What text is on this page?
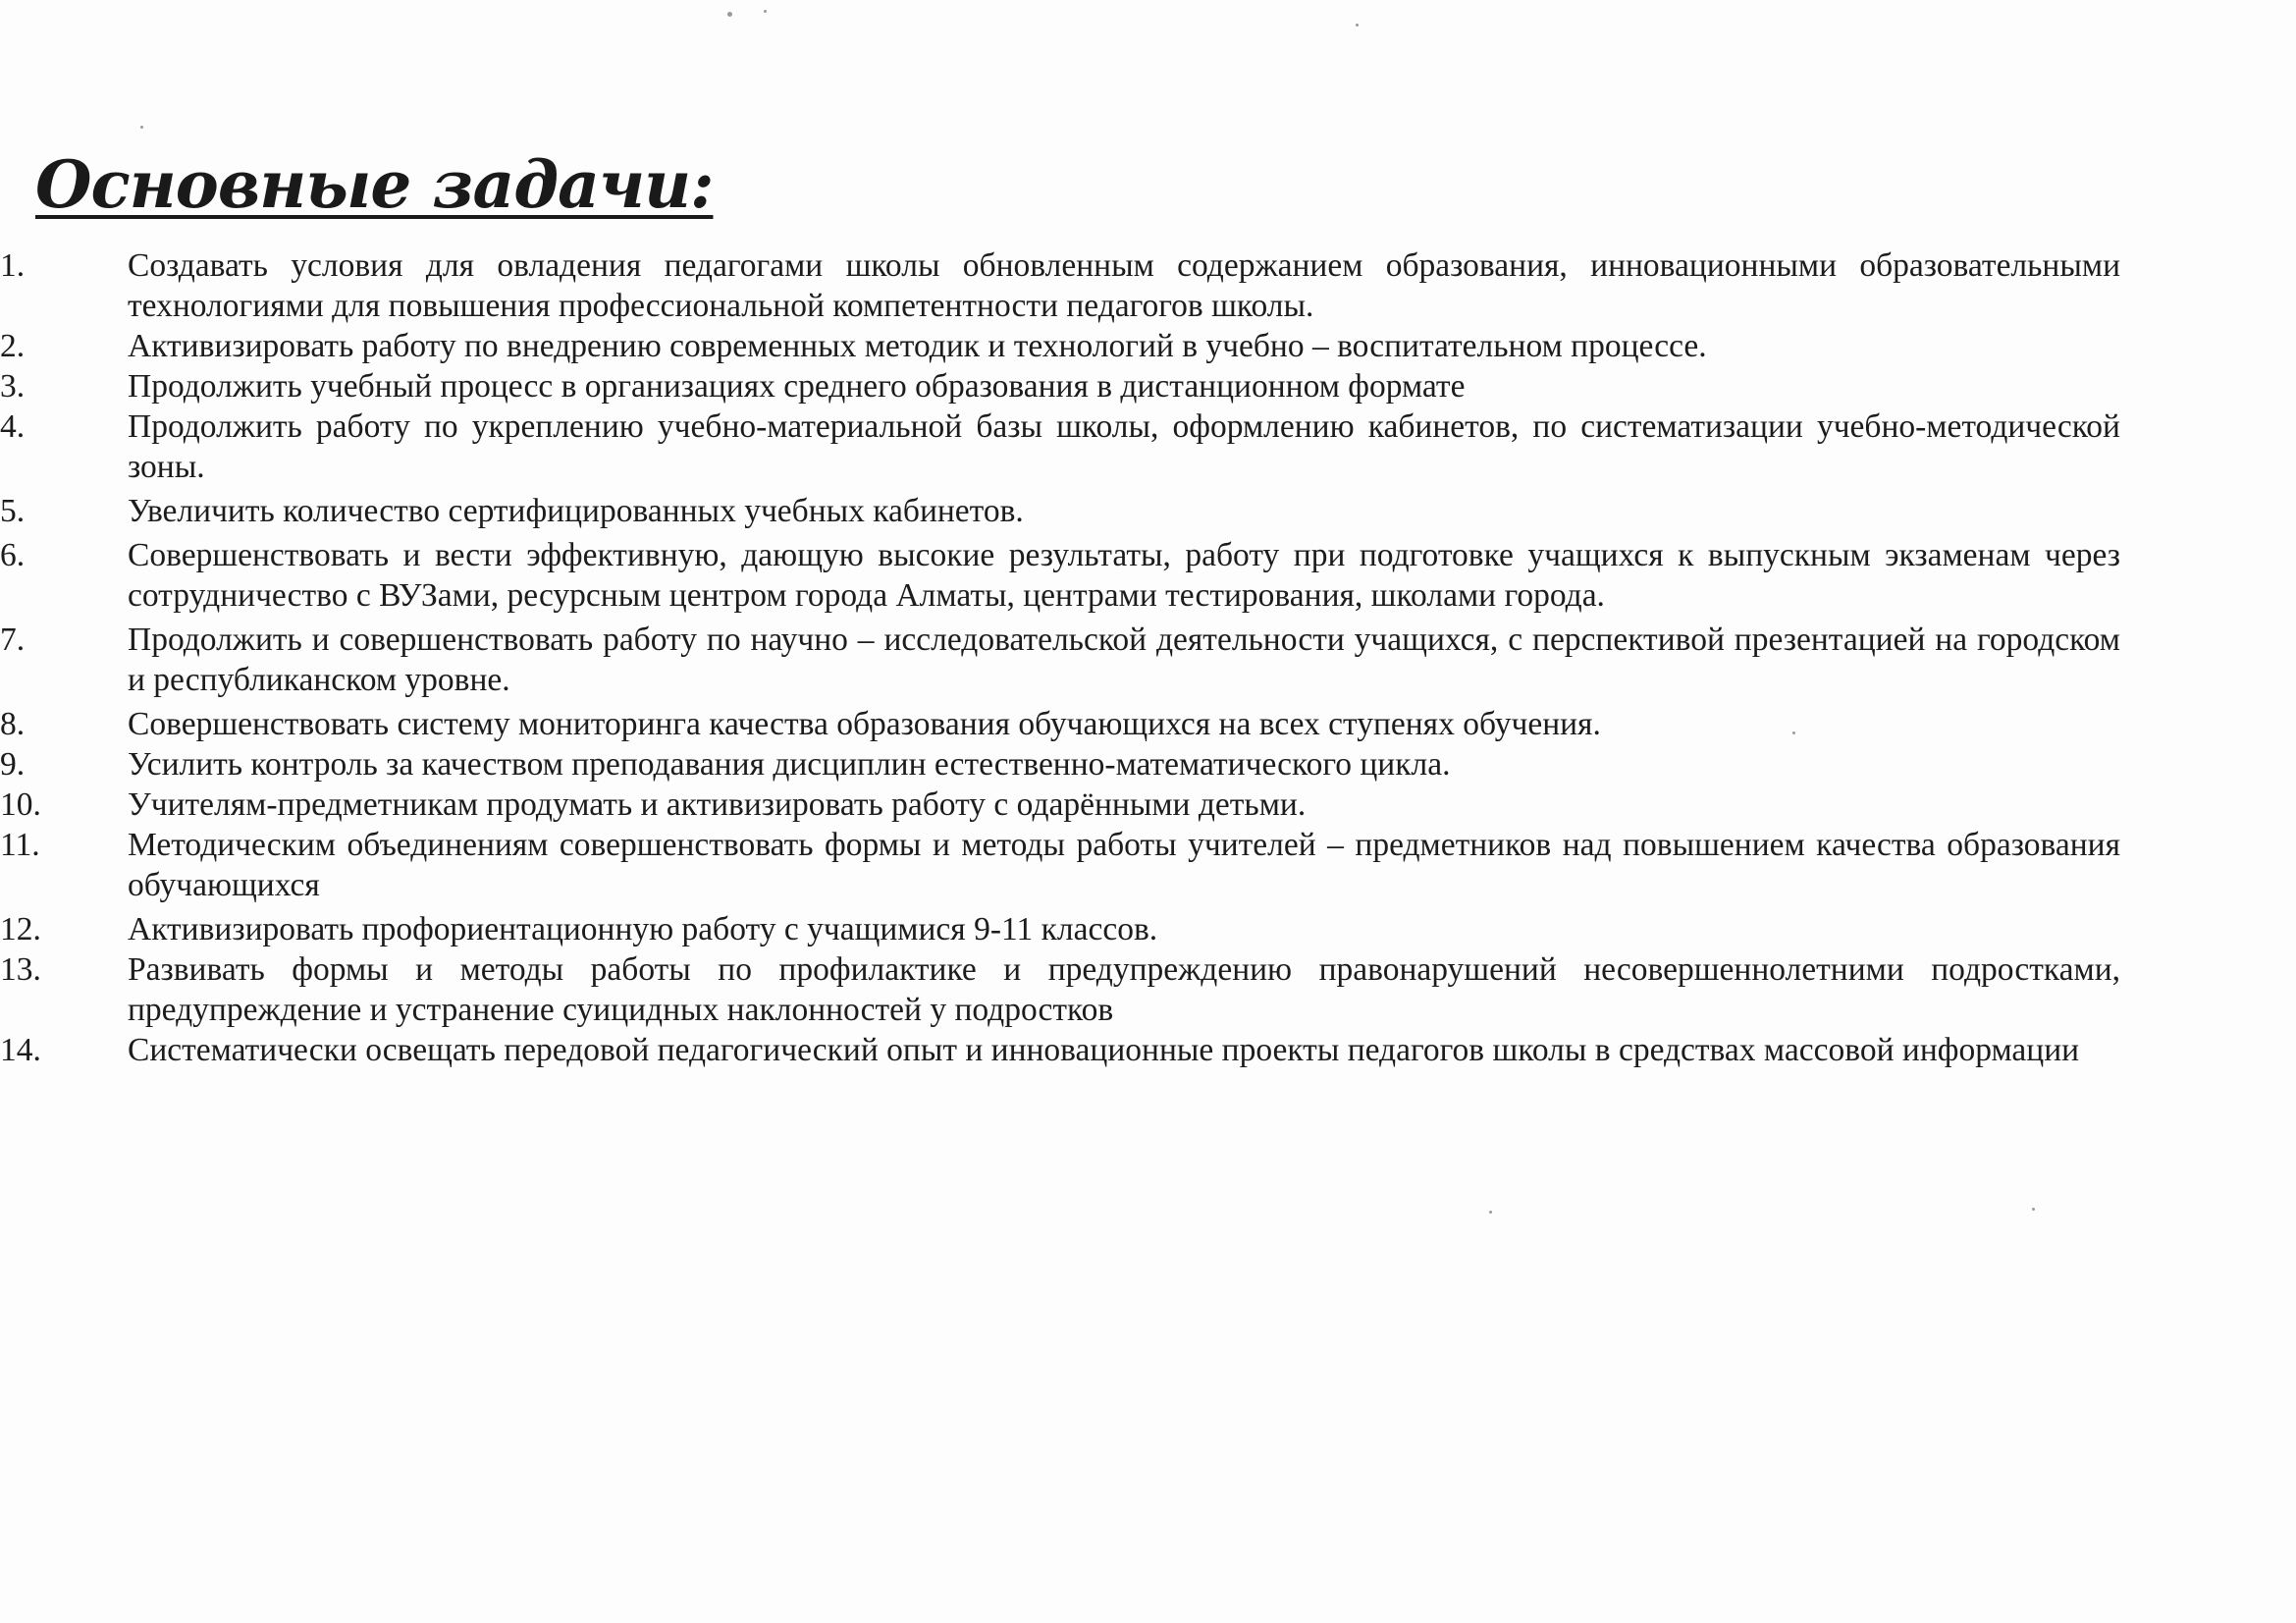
Основные задачи:
1.	Создавать условия для овладения педагогами школы обновленным содержанием образования, инновационными образовательными технологиями для повышения профессиональной компетентности педагогов школы.
2.	Активизировать работу по внедрению современных методик и технологий в учебно – воспитательном процессе.
3.	Продолжить учебный процесс в организациях среднего образования в дистанционном формате
4.	Продолжить работу по укреплению учебно-материальной базы школы, оформлению кабинетов, по систематизации учебно-методической зоны.
5.	Увеличить количество сертифицированных учебных кабинетов.
6.	Совершенствовать и вести эффективную, дающую высокие результаты, работу при подготовке учащихся к выпускным экзаменам через сотрудничество с ВУЗами, ресурсным центром города Алматы, центрами тестирования, школами города.
7.	Продолжить и совершенствовать работу по научно – исследовательской деятельности учащихся, с перспективой презентацией на городском и республиканском уровне.
8.	Совершенствовать систему мониторинга качества образования обучающихся на всех ступенях обучения.
9.	Усилить контроль за качеством преподавания дисциплин естественно-математического цикла.
10.	Учителям-предметникам продумать и активизировать работу с одарёнными детьми.
11.	Методическим объединениям совершенствовать формы и методы работы учителей – предметников над повышением качества образования обучающихся
12.	Активизировать профориентационную работу с учащимися 9-11 классов.
13.	Развивать формы и методы работы по профилактике и предупреждению правонарушений несовершеннолетними подростками, предупреждение и устранение суицидных наклонностей у подростков
14.	Систематически освещать передовой педагогический опыт и инновационные проекты педагогов школы в средствах массовой информации
